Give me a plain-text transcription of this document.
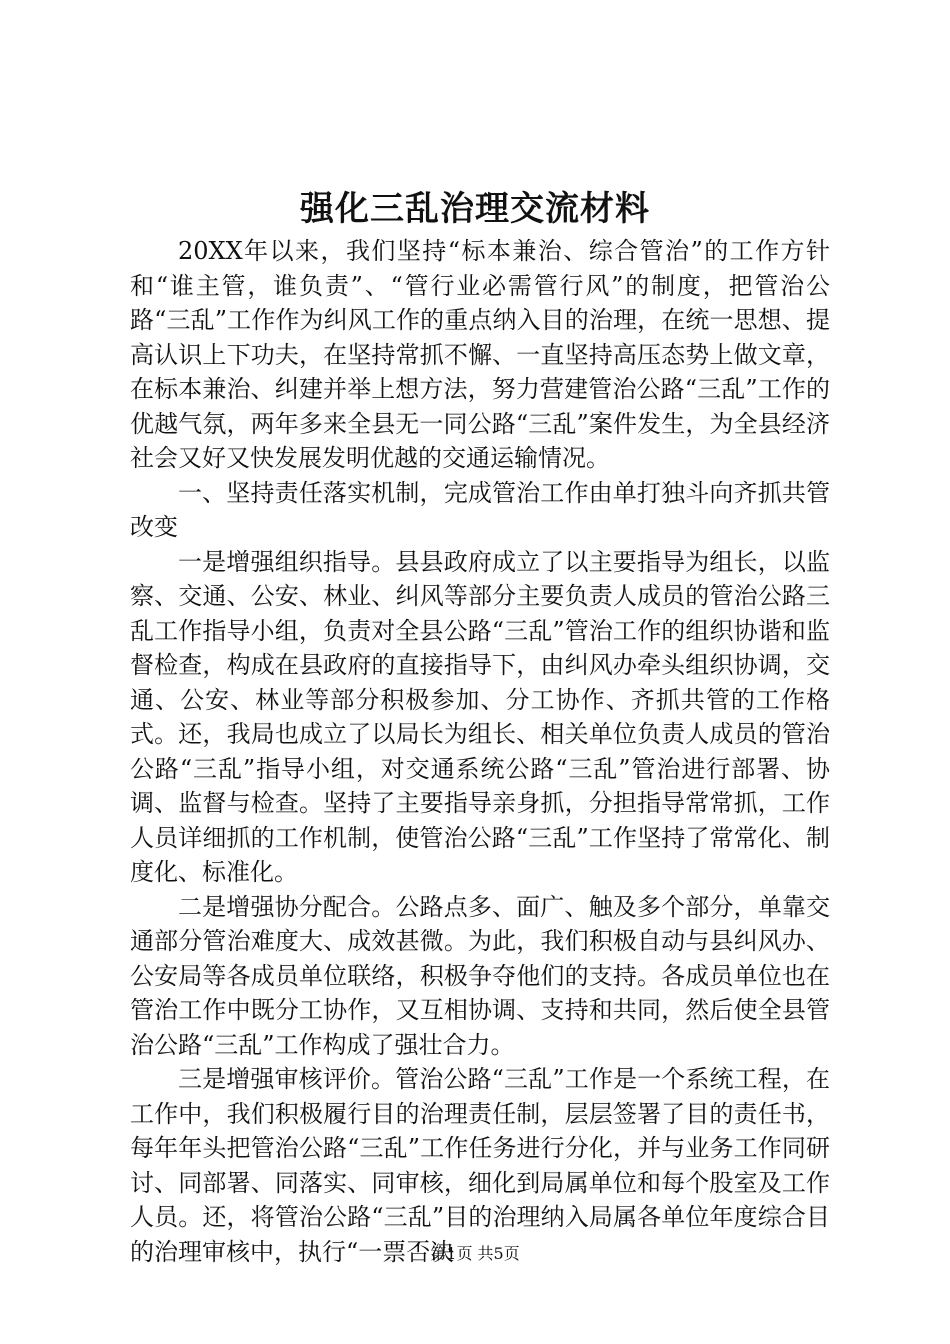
强化三乱治理交流材料

20XX年以来，我们坚持“标本兼治、综合管治”的工作方针和“谁主管，谁负责”、“管行业必需管行风”的制度，把管治公路“三乱”工作作为纠风工作的重点纳入目的治理，在统一思想、提高认识上下功夫，在坚持常抓不懈、一直坚持高压态势上做文章，在标本兼治、纠建并举上想方法，努力营建管治公路“三乱”工作的优越气氛，两年多来全县无一同公路“三乱”案件发生，为全县经济社会又好又快发展发明优越的交通运输情况。

一、坚持责任落实机制，完成管治工作由单打独斗向齐抓共管改变

一是增强组织指导。县县政府成立了以主要指导为组长，以监察、交通、公安、林业、纠风等部分主要负责人成员的管治公路三乱工作指导小组，负责对全县公路“三乱”管治工作的组织协谐和监督检查，构成在县政府的直接指导下，由纠风办牵头组织协调，交通、公安、林业等部分积极参加、分工协作、齐抓共管的工作格式。还，我局也成立了以局长为组长、相关单位负责人成员的管治公路“三乱”指导小组，对交通系统公路“三乱”管治进行部署、协调、监督与检查。坚持了主要指导亲身抓，分担指导常常抓，工作人员详细抓的工作机制，使管治公路“三乱”工作坚持了常常化、制度化、标准化。

二是增强协分配合。公路点多、面广、触及多个部分，单靠交通部分管治难度大、成效甚微。为此，我们积极自动与县纠风办、公安局等各成员单位联络，积极争夺他们的支持。各成员单位也在管治工作中既分工协作，又互相协调、支持和共同，然后使全县管治公路“三乱”工作构成了强壮合力。

三是增强审核评价。管治公路“三乱”工作是一个系统工程，在工作中，我们积极履行目的治理责任制，层层签署了目的责任书，每年年头把管治公路“三乱”工作任务进行分化，并与业务工作同研讨、同部署、同落实、同审核，细化到局属单位和每个股室及工作人员。还，将管治公路“三乱”目的治理纳入局属各单位年度综合目的治理审核中，执行“一票否决

第1页 共5页
